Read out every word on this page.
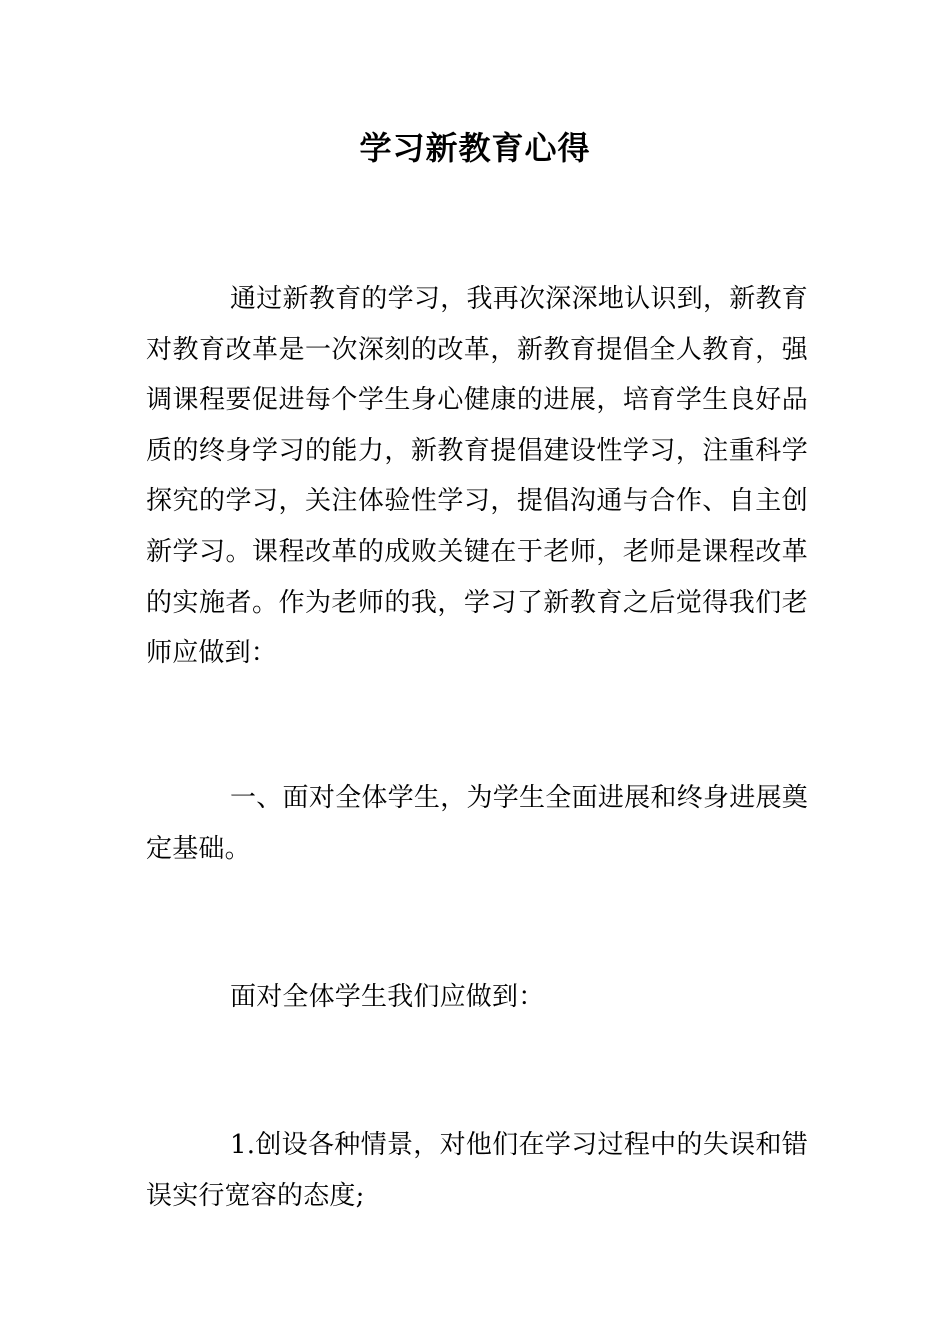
学习新教育心得

通过新教育的学习，我再次深深地认识到，新教育对教育改革是一次深刻的改革，新教育提倡全人教育，强调课程要促进每个学生身心健康的进展，培育学生良好品质的终身学习的能力，新教育提倡建设性学习，注重科学探究的学习，关注体验性学习，提倡沟通与合作、自主创新学习。课程改革的成败关键在于老师，老师是课程改革的实施者。作为老师的我，学习了新教育之后觉得我们老师应做到：

一、面对全体学生，为学生全面进展和终身进展奠定基础。

面对全体学生我们应做到：

1.创设各种情景，对他们在学习过程中的失误和错误实行宽容的态度;
